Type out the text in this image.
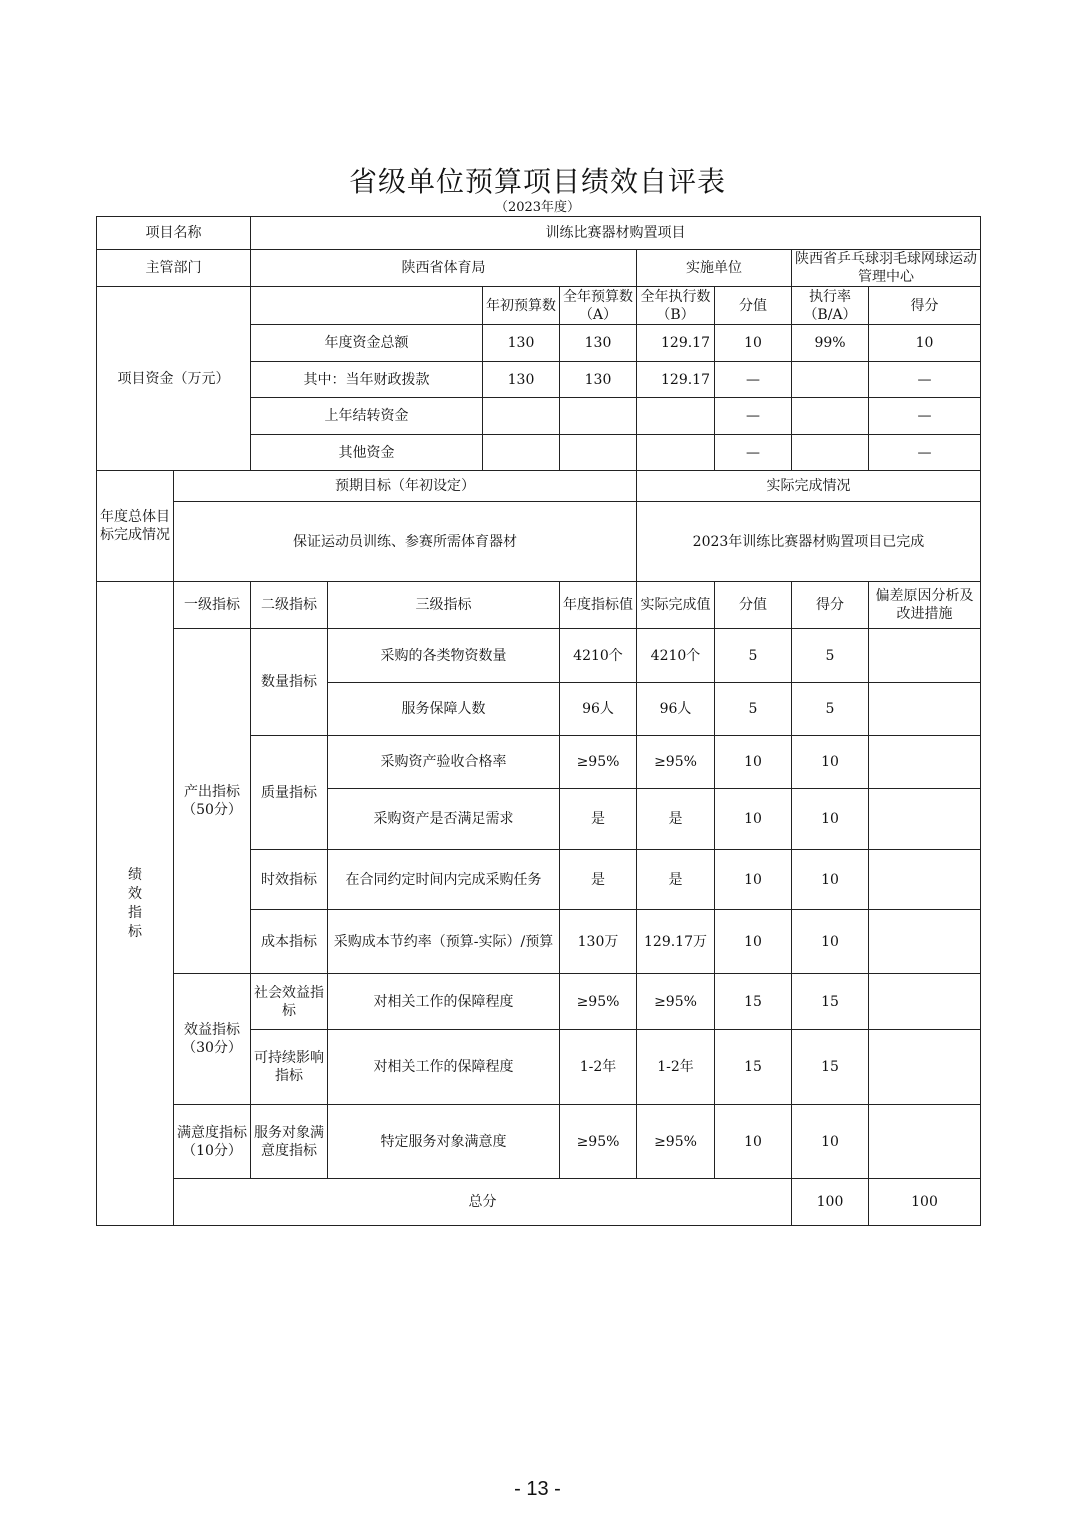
省级单位预算项目绩效自评表
（2023年度）
项目名称		训练比赛器材购置项目								
主管部门		陕西省体育局				实施单位		陕西省乒乓球羽毛球网球运动管理中心		
项目资金（万元）				年初预算数	全年预算数（A）	全年执行数（B）	分值	执行率（B/A）	得分	
		年度资金总额		130	130	129.17	10	99%	10	
		其中：当年财政拨款		130	130	129.17	—		—	
		上年结转资金					—		—	
		其他资金					—		—	
年度总体目标完成情况	预期目标（年初设定）					实际完成情况				
	保证运动员训练、参赛所需体育器材					2023年训练比赛器材购置项目已完成				

绩效指标	一级指标	二级指标	三级指标		年度指标值	实际完成值	分值	得分	偏差原因分析及改进措施	
	产出指标（50分）	数量指标	采购的各类物资数量		4210个	4210个	5	5		
			服务保障人数		96人	96人	5	5		
		质量指标	采购资产验收合格率		≥95%	≥95%	10	10		
			采购资产是否满足需求		是	是	10	10		
		时效指标	在合同约定时间内完成采购任务		是	是	10	10		
		成本指标	采购成本节约率（预算-实际）/预算		130万	129.17万	10	10		
	效益指标（30分）	社会效益指标	对相关工作的保障程度		≥95%	≥95%	15	15		
		可持续影响指标	对相关工作的保障程度		1-2年	1-2年	15	15		
	满意度指标（10分）	服务对象满意度指标	特定服务对象满意度		≥95%	≥95%	10	10		
	总分							100	100	
- 13 -
